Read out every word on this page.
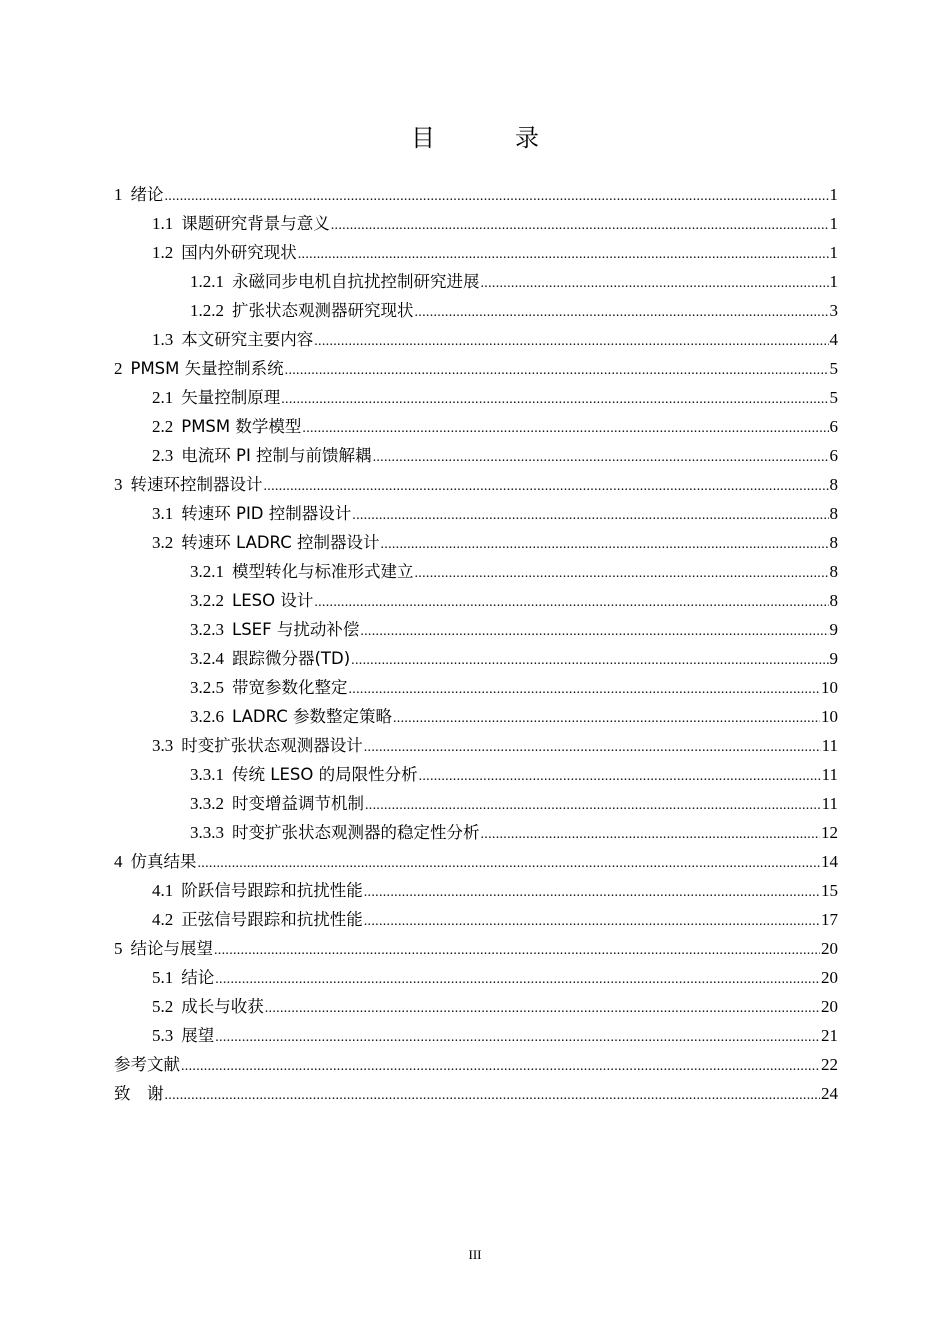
目　录
1 绪论 .....	1
1.1 课题研究背景与意义 .....	1
1.2 国内外研究现状 .....	1
1.2.1 永磁同步电机自抗扰控制研究进展 .....	1
1.2.2 扩张状态观测器研究现状 .....	3
1.3 本文研究主要内容 .....	4
2 PMSM 矢量控制系统 .....	5
2.1 矢量控制原理 .....	5
2.2 PMSM 数学模型 .....	6
2.3 电流环 PI 控制与前馈解耦 .....	6
3 转速环控制器设计 .....	8
3.1 转速环 PID 控制器设计 .....	8
3.2 转速环 LADRC 控制器设计 .....	8
3.2.1 模型转化与标准形式建立 .....	8
3.2.2 LESO 设计 .....	8
3.2.3 LSEF 与扰动补偿 .....	9
3.2.4 跟踪微分器(TD) .....	9
3.2.5 带宽参数化整定 .....	10
3.2.6 LADRC 参数整定策略 .....	10
3.3 时变扩张状态观测器设计 .....	11
3.3.1 传统 LESO 的局限性分析 .....	11
3.3.2 时变增益调节机制 .....	11
3.3.3 时变扩张状态观测器的稳定性分析 .....	12
4 仿真结果 .....	14
4.1 阶跃信号跟踪和抗扰性能 .....	15
4.2 正弦信号跟踪和抗扰性能 .....	17
5 结论与展望 .....	20
5.1 结论 .....	20
5.2 成长与收获 .....	20
5.3 展望 .....	21
参考文献 .....	22
致　谢 .....	24
III
